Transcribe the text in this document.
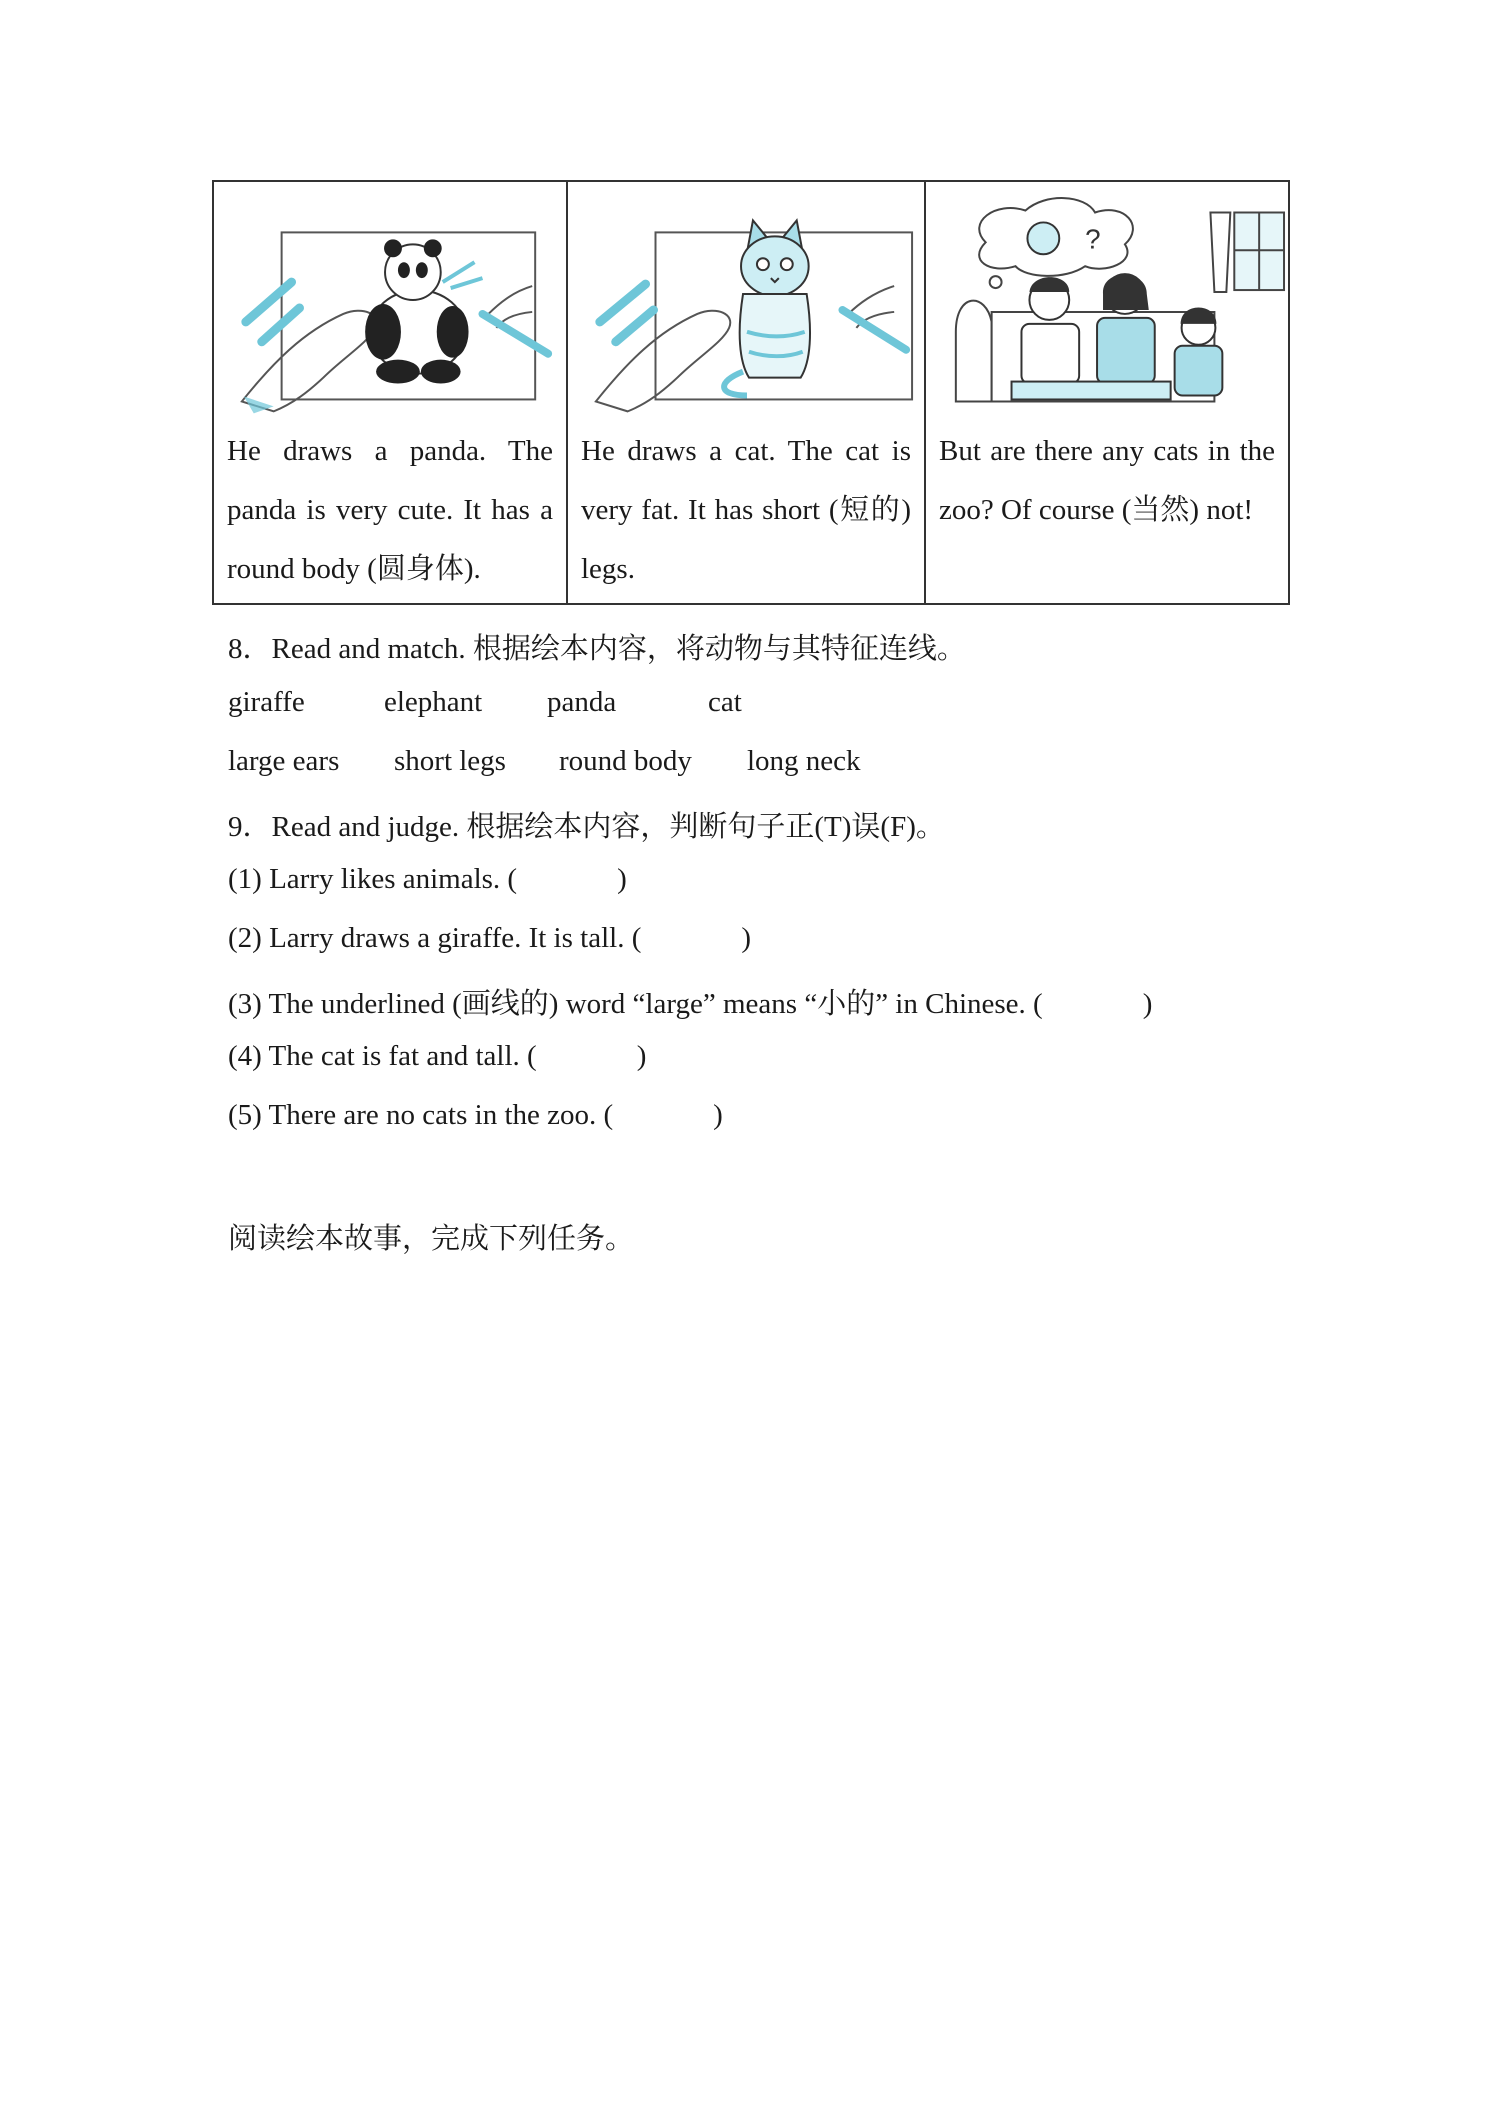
He draws a panda. The panda is very cute. It has a round body (圆身体).

He draws a cat. The cat is very fat. It has short (短的) legs.

?
But are there any cats in the zoo? Of course (当然) not!
8．Read and match. 根据绘本内容，将动物与其特征连线。
giraffe	elephant panda	cat
large ears short legs round body long neck
9．Read and judge. 根据绘本内容，判断句子正(T)误(F)。
(1) Larry likes animals. (	)
(2) Larry draws a giraffe. It is tall. (	)
(3) The underlined (画线的) word “large” means “小的” in Chinese. (	)
(4) The cat is fat and tall. (	)
(5) There are no cats in the zoo. (	)
阅读绘本故事，完成下列任务。
